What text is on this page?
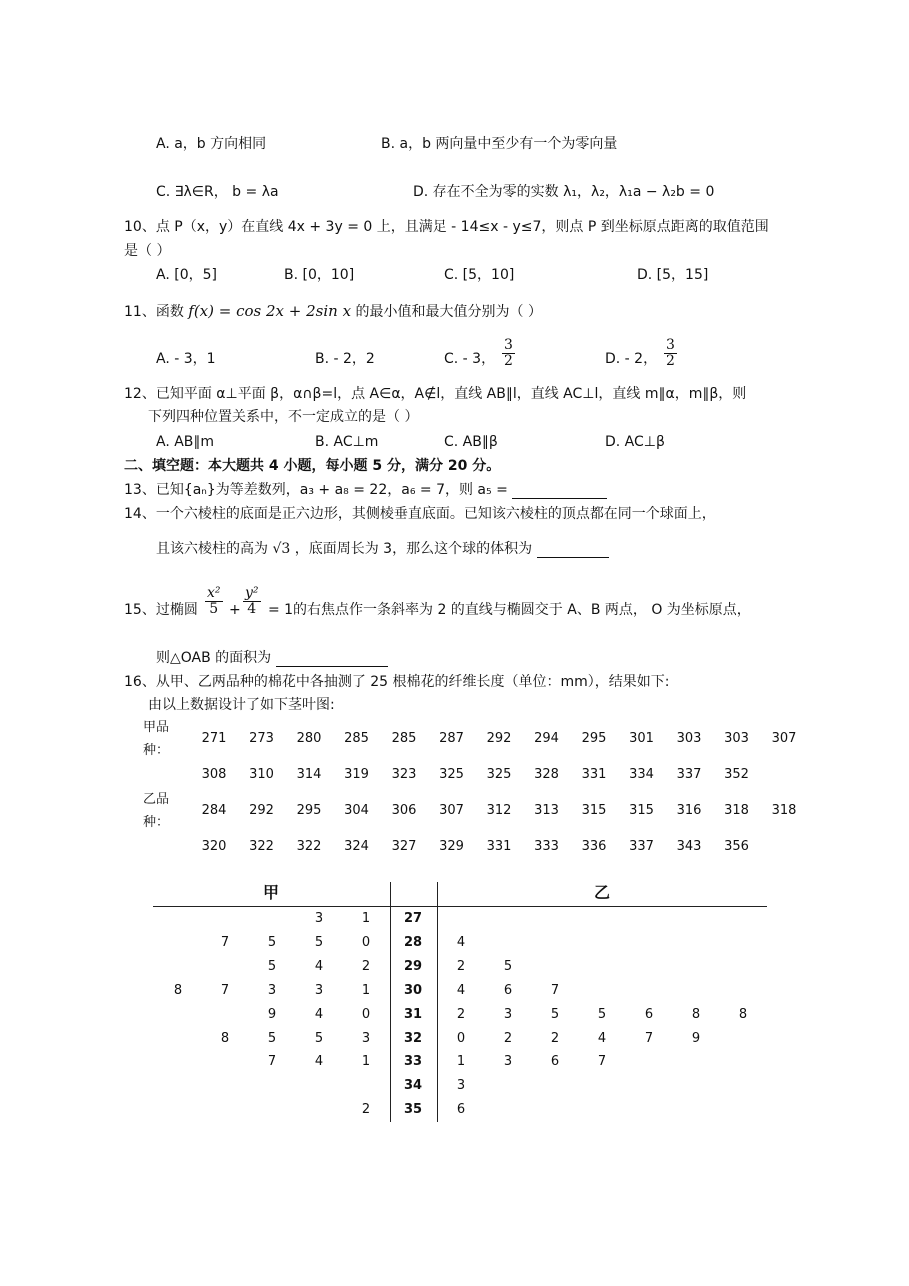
A. a，b 方向相同	B. a，b 两向量中至少有一个为零向量
C. ∃λ∈R， b = λa	D. 存在不全为零的实数 λ₁，λ₂，λ₁a − λ₂b = 0
10、点 P（x，y）在直线 4x + 3y = 0 上，且满足 - 14≤x - y≤7，则点 P 到坐标原点距离的取值范围
是（ ）
A. [0，5]	B. [0，10]	C. [5，10]	D. [5，15]
11、函数 f(x) = cos 2x + 2sin x 的最小值和最大值分别为（ ）
A. - 3，1	B. - 2，2	C. - 3， $\frac{3}{2}$	D. - 2， $\frac{3}{2}$
12、已知平面 α⊥平面 β，α∩β=l，点 A∈α，A∉l，直线 AB∥l，直线 AC⊥l，直线 m∥α，m∥β，则
下列四种位置关系中，不一定成立的是（ ）
A. AB∥m	B. AC⊥m	C. AB∥β	D. AC⊥β
二、填空题：本大题共 4 小题，每小题 5 分，满分 20 分。
13、已知{aₙ}为等差数列，a₃ + a₈ = 22，a₆ = 7，则 a₅ =
14、一个六棱柱的底面是正六边形，其侧棱垂直底面。已知该六棱柱的顶点都在同一个球面上，
且该六棱柱的高为 √3 ，底面周长为 3，那么这个球的体积为
15、过椭圆 $\frac{\text{x²}}{5} + \frac{\text{y²}}{4} = 1$ 的右焦点作一条斜率为 2 的直线与椭圆交于 A、B 两点， O 为坐标原点，
则△OAB 的面积为
16、从甲、乙两品种的棉花中各抽测了 25 根棉花的纤维长度（单位：mm），结果如下:
由以上数据设计了如下茎叶图:
甲品
种：
271	273	280	285	285	287	292	294	295	301	303	303	307
308	310	314	319	323	325	325	328	331	334	337	352
乙品
种：
284	292	295	304	306	307	312	313	315	315	316	318	318
320	322	322	324	327	329	331	333	336	337	343	356
甲	乙
3	1	27
7	5	5	0	28	4
5	4	2	29	2	5
8	7	3	3	1	30	4	6	7
9	4	0	31	2	3	5	5	6	8	8
8	5	5	3	32	0	2	2	4	7	9
7	4	1	33	1	3	6	7
34	3
2	35	6
